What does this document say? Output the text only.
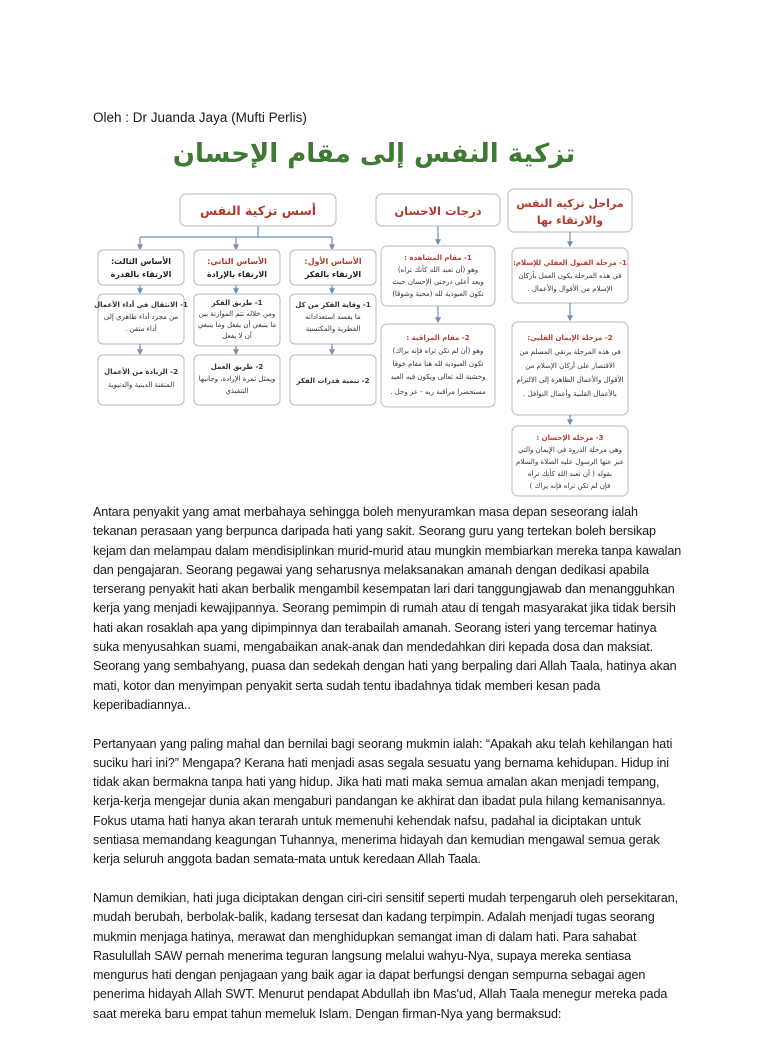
Oleh : Dr Juanda Jaya (Mufti Perlis)
تزكية النفس إلى مقام الإحسان
أسس تزكية النفس
الأساس الثالث:
الارتقاء بالقدرة
الأساس الثاني:
الارتقاء بالإرادة
الأساس الأول:
الارتقاء بالفكر
1- الانتقال في أداء الأعمال
من مجرد أداء ظاهري إلى
أداء متقن .
1- طريق الفكر
ومن خلاله تتم الموازنة بين
ما ينبغي أن يفعل وما ينبغي
أن لا يفعل
1- وقاية الفكر من كل
ما يفسد استعداداته
الفطرية والمكتسبة
2- الزيادة من الأعمال
المتقنة الدينية والدنيوية
2- طريق العمل
ويمثل ثمرة الإرادة، وجانبها
التنفيذي
2- تنمية قدرات الفكر
درجات الاحسان
1- مقام المشاهدة :
وهو (أن تعبد الله كأنك تراه)
ويعد أعلى درجتي الإحسان حيث
تكون العبودية لله (محبة وشوقا)
2- مقام المراقبة :
وهو (أن لم تكن تراه فإنه يراك)
تكون العبودية لله هنا مقام خوفا
وخشية لله تعالى ويكون فيه العبد
مستحضرا مراقبة ربه - عز وجل .
مراحل تزكية النفس
والارتقاء بها
1- مرحلة القبول العقلي للإسلام:
في هذه المرحلة يكون العمل بأركان
الإسلام من الأقوال والأعمال .
2- مرحلة الإيمان القلبي:
في هذه المرحلة يرتقي المسلم من
الاقتصار على أركان الإسلام من
الأقوال والأعمال الظاهرة إلى الالتزام
بالأعمال القلبية وأعمال النوافل .
3- مرحلة الإحسان :
وهي مرحلة الذروة في الإيمان والتي
عبر عنها الرسول عليه الصلاة والسلام
بقوله ( أن تعبد الله كأنك تراه
فإن لم تكن تراه فإنه يراك )

Antara penyakit yang amat merbahaya sehingga boleh menyuramkan masa depan seseorang ialah tekanan perasaan yang berpunca daripada hati yang sakit. Seorang guru yang tertekan boleh bersikap kejam dan melampau dalam mendisiplinkan murid-murid atau mungkin membiarkan mereka tanpa kawalan dan pengajaran. Seorang pegawai yang seharusnya melaksanakan amanah dengan dedikasi apabila terserang penyakit hati akan berbalik mengambil kesempatan lari dari tanggungjawab dan menangguhkan kerja yang menjadi kewajipannya. Seorang pemimpin di rumah atau di tengah masyarakat jika tidak bersih hati akan rosaklah apa yang dipimpinnya dan terabailah amanah. Seorang isteri yang tercemar hatinya suka menyusahkan suami, mengabaikan anak-anak dan mendedahkan diri kepada dosa dan maksiat. Seorang yang sembahyang, puasa dan sedekah dengan hati yang berpaling dari Allah Taala, hatinya akan mati, kotor dan menyimpan penyakit serta sudah tentu ibadahnya tidak memberi kesan pada keperibadiannya..

Pertanyaan yang paling mahal dan bernilai bagi seorang mukmin ialah: “Apakah aku telah kehilangan hati suciku hari ini?” Mengapa? Kerana hati menjadi asas segala sesuatu yang bernama kehidupan. Hidup ini tidak akan bermakna tanpa hati yang hidup. Jika hati mati maka semua amalan akan menjadi tempang, kerja-kerja mengejar dunia akan mengaburi pandangan ke akhirat dan ibadat pula hilang kemanisannya. Fokus utama hati hanya akan terarah untuk memenuhi kehendak nafsu, padahal ia diciptakan untuk sentiasa memandang keagungan Tuhannya, menerima hidayah dan kemudian mengawal semua gerak kerja seluruh anggota badan semata-mata untuk keredaan Allah Taala.

Namun demikian, hati juga diciptakan dengan ciri-ciri sensitif seperti mudah terpengaruh oleh persekitaran, mudah berubah, berbolak-balik, kadang tersesat dan kadang terpimpin. Adalah menjadi tugas seorang mukmin menjaga hatinya, merawat dan menghidupkan semangat iman di dalam hati. Para sahabat Rasulullah SAW pernah menerima teguran langsung melalui wahyu-Nya, supaya mereka sentiasa mengurus hati dengan penjagaan yang baik agar ia dapat berfungsi dengan sempurna sebagai agen penerima hidayah Allah SWT. Menurut pendapat Abdullah ibn Mas'ud, Allah Taala menegur mereka pada saat mereka baru empat tahun memeluk Islam. Dengan firman-Nya yang bermaksud:
